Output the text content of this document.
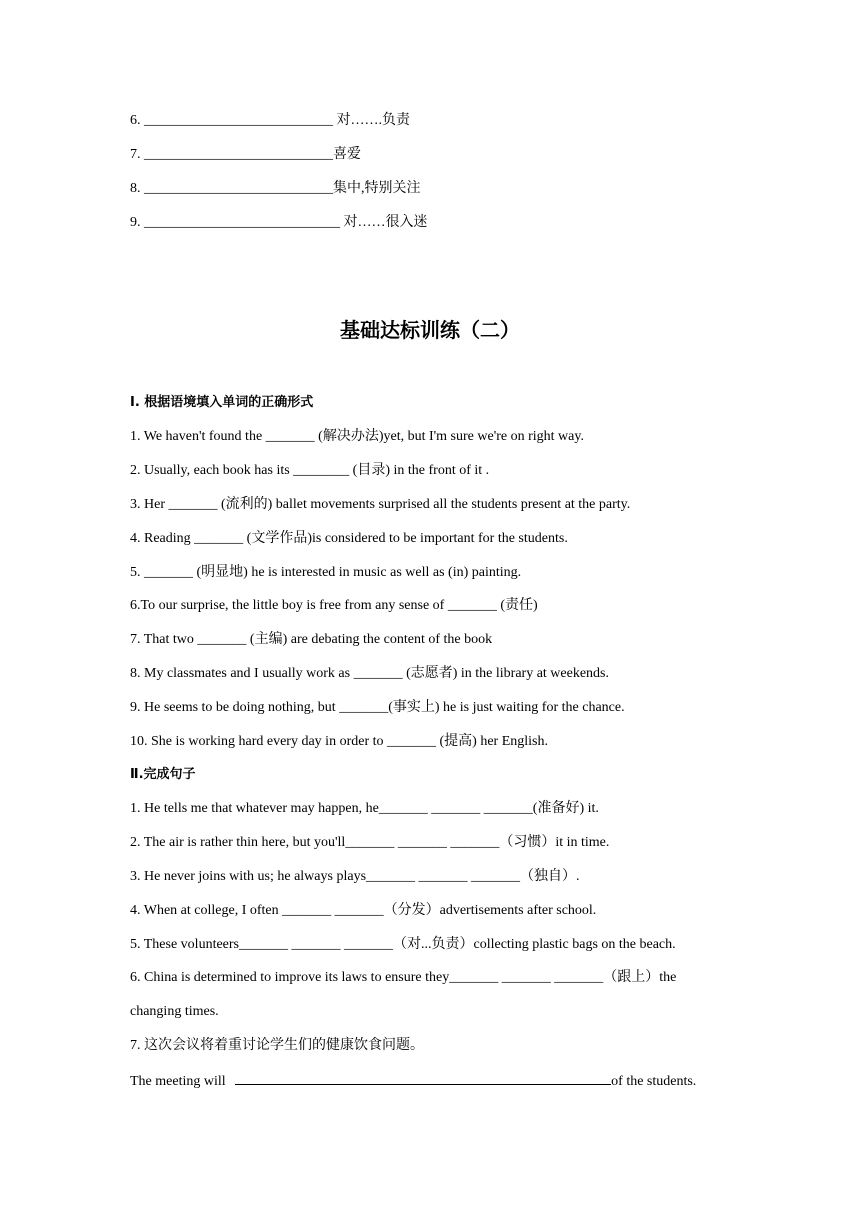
6. ___________________________ 对…….负责
7. ___________________________喜爱
8. ___________________________集中,特别关注
9. ____________________________ 对……很入迷
基础达标训练（二）
Ⅰ. 根据语境填入单词的正确形式
1. We haven't found the _______ (解决办法)yet, but I'm sure we're on right way.
2. Usually, each book has its ________ (目录) in the front of it .
3. Her _______ (流利的) ballet movements surprised all the students present at the party.
4. Reading _______ (文学作品)is considered to be important for the students.
5. _______ (明显地) he is interested in music as well as (in) painting.
6.To our surprise, the little boy is free from any sense of _______ (责任)
7. That two _______ (主编) are debating the content of the book
8. My classmates and I usually work as _______ (志愿者) in the library at weekends.
9. He seems to be doing nothing, but _______(事实上) he is just waiting for the chance.
10. She is working hard every day in order to _______ (提高) her English.
Ⅱ.完成句子
1. He tells me that whatever may happen, he_______ _______ _______(准备好) it.
2. The air is rather thin here, but you'll_______ _______ _______（习惯）it in time.
3. He never joins with us; he always plays_______ _______ _______（独自）.
4. When at college, I often _______ _______（分发）advertisements after school.
5. These volunteers_______ _______ _______（对...负责）collecting plastic bags on the beach.
6. China is determined to improve its laws to ensure they_______ _______ _______（跟上）the
changing times.
7. 这次会议将着重讨论学生们的健康饮食问题。
The meeting will	of the students.
